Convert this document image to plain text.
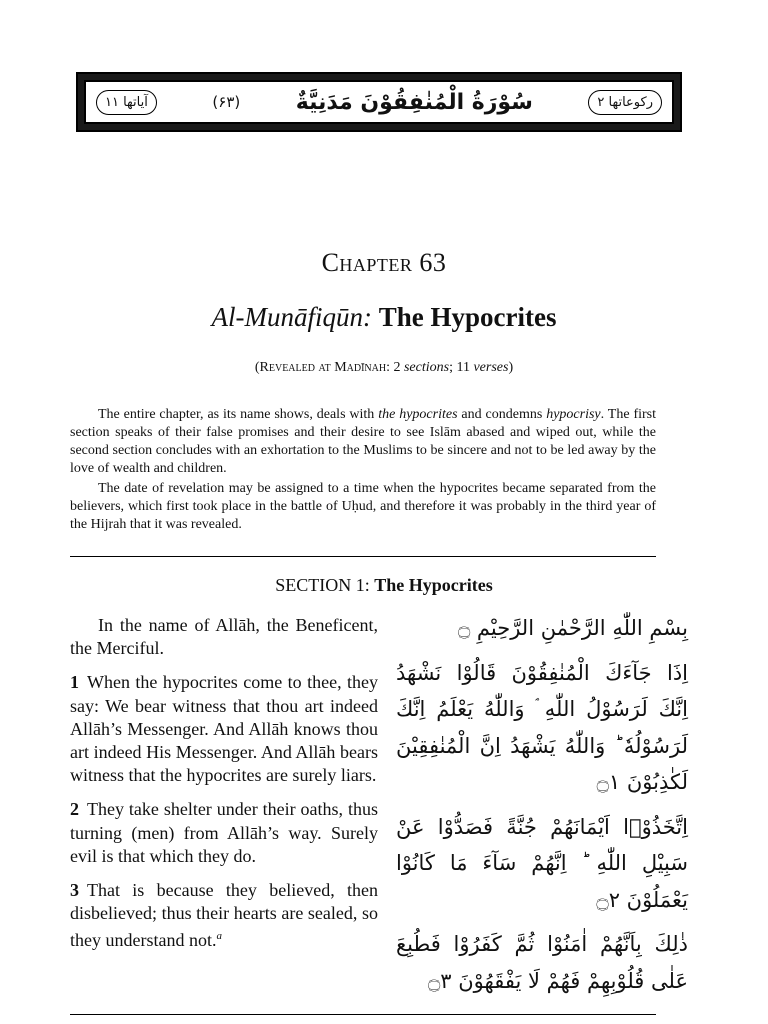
آیاتها ۱۱	(۶۳)	سُوْرَةُ الْمُنٰفِقُوْنَ مَدَنِيَّةٌ	رکوعاتها ۲
Chapter 63
Al-Munāfiqūn: The Hypocrites
(Revealed at Madīnah: 2 sections; 11 verses)

The entire chapter, as its name shows, deals with the hypocrites and condemns hypocrisy. The first section speaks of their false promises and their desire to see Islām abased and wiped out, while the second section concludes with an exhortation to the Muslims to be sincere and not to be led away by the love of wealth and children.

The date of revelation may be assigned to a time when the hypocrites became separated from the believers, which first took place in the battle of Uḥud, and therefore it was probably in the third year of the Hijrah that it was revealed.

SECTION 1: The Hypocrites

In the name of Allāh, the Beneficent, the Merciful.

1 When the hypocrites come to thee, they say: We bear witness that thou art indeed Allāh’s Messenger. And Allāh knows thou art indeed His Messenger. And Allāh bears witness that the hypocrites are surely liars.

2 They take shelter under their oaths, thus turning (men) from Allāh’s way. Surely evil is that which they do.

3 That is because they believed, then disbelieved; thus their hearts are sealed, so they understand not.$^a$

بِسْمِ اللّٰهِ الرَّحْمٰنِ الرَّحِيْمِ ۝
اِذَا جَآءَكَ الْمُنٰفِقُوْنَ قَالُوْا نَشْهَدُ اِنَّكَ لَرَسُوْلُ اللّٰهِ ۘ وَاللّٰهُ يَعْلَمُ اِنَّكَ لَرَسُوْلُهٗ ؕ وَاللّٰهُ يَشْهَدُ اِنَّ الْمُنٰفِقِيْنَ لَكٰذِبُوْنَ ۝١
اِتَّخَذُوْۤا اَيْمَانَهُمْ جُنَّةً فَصَدُّوْا عَنْ سَبِيْلِ اللّٰهِ ؕ اِنَّهُمْ سَآءَ مَا كَانُوْا يَعْمَلُوْنَ ۝٢
ذٰلِكَ بِاَنَّهُمْ اٰمَنُوْا ثُمَّ كَفَرُوْا فَطُبِعَ عَلٰى قُلُوْبِهِمْ فَهُمْ لَا يَفْقَهُوْنَ ۝٣
